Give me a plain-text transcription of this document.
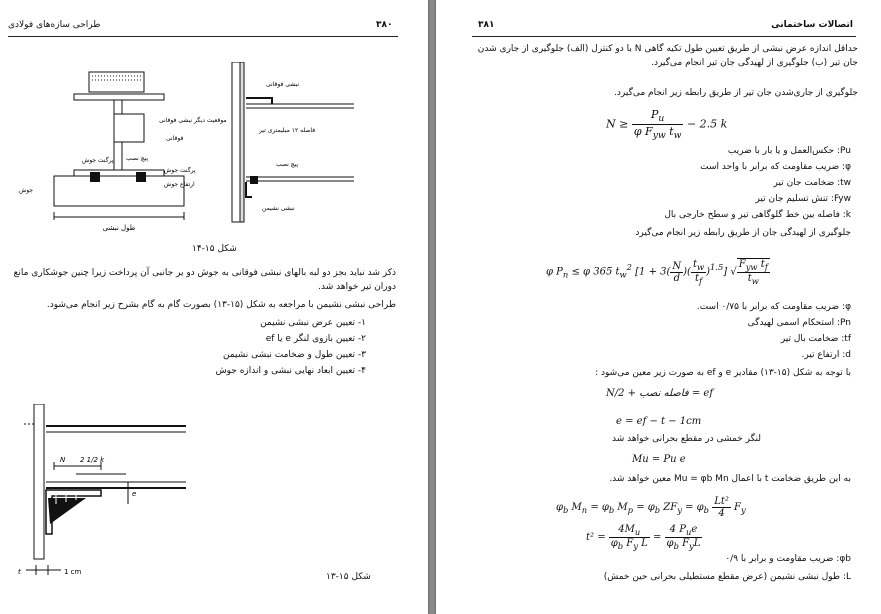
۳۸۰
طراحی سازه‌های فولادی
طول نبشی
موقعیت دیگر نبشی فوقانی
فوقانی
پرگنت جوش پیچ نصب
پرگنت جوش
ارتفاع جوش
جوش
نبشی فوقانی
فاصله ۱۲ میلیمتری تیر
پیچ نصب
نبشی نشیمن
شکل ۱۵-۱۴
ذکر شد نباید بجز دو لبه بالهای نبشی فوقانی به جوش دو یر جانبی آن پرداخت زیرا چنین جوشکاری مانع دوران تیر خواهد شد.
طراحی نبشی نشیمن با مراجعه به شکل (۱۵-۱۳) بصورت گام به گام بشرح زیر انجام می‌شود.
۱- تعیین عرض نبشی نشیمن
۲- تعیین بازوی لنگر e یا ef
۳- تعیین طول و ضخامت نبشی نشیمن
۴- تعیین ابعاد نهایی نبشی و اندازه جوش
N 2 1/2 k
e
t	1 cm	شکل ۱۵-۱۳
۳۸۱	اتصالات ساختمانی
حداقل اندازه عرض نبشی از طریق تعیین طول تکیه گاهی N با دو کنترل (الف) جلوگیری از جاری شدن جان تیر (ب) جلوگیری از لهیدگی جان تیر انجام می‌گیرد.
جلوگیری از جاری‌شدن جان تیر از طریق رابطه زیر انجام می‌گیرد.
$N \ge \frac{P_u}{\varphi F_{yw} t_w} - 2.5$ k
Pu: حکس‌العمل و یا بار با ضریب
φ: ضریب مقاومت که برابر با واحد است
tw: ضخامت جان تیر
Fyw: تنش تسلیم جان تیر
k: فاصله بین خط گلوگاهی تیر و سطح خارجی بال
جلوگیری از لهیدگی جان از طریق رابطه زیر انجام می‌گیرد
φ $P_n \le \varphi$ 365 $t_w^2$ [$1 + 3( \frac{N}{d}$ )( $\frac{t_w}{t_f} )^{1.5}$] √ $\frac{F_{yw} t_f}{t_w}$
φ: ضریب مقاومت که برابر با ۰/۷۵ است.
Pn: استحکام اسمی لهیدگی
tf: ضخامت بال تیر
d: ارتفاع تیر.
با توجه به شکل (۱۵-۱۳) مقادیر e و ef به صورت زیر معین می‌شود :
ef = فاصله نصب + N/2
e = ef − t − 1cm
لنگر خمشی در مقطع بحرانی خواهد شد
Mu = Pu e
به این طریق ضخامت t با اعمال Mu = φb Mn معین خواهد شد.
$\varphi_b$ $M_n = \varphi_b$ $M_p = \varphi_b$ $ZF_y = \varphi_b \frac{\text{Lt²}}{4} F_y$
$t^2 = \frac{4M_u}{\varphi_b F_y L} = \frac{4 P_ue}{\varphi_b F_yL}$
φb: ضریب مقاومت و برابر با ۰/۹
L: طول نبشی نشیمن (عرض مقطع مستطیلی بحرانی حین خمش)
